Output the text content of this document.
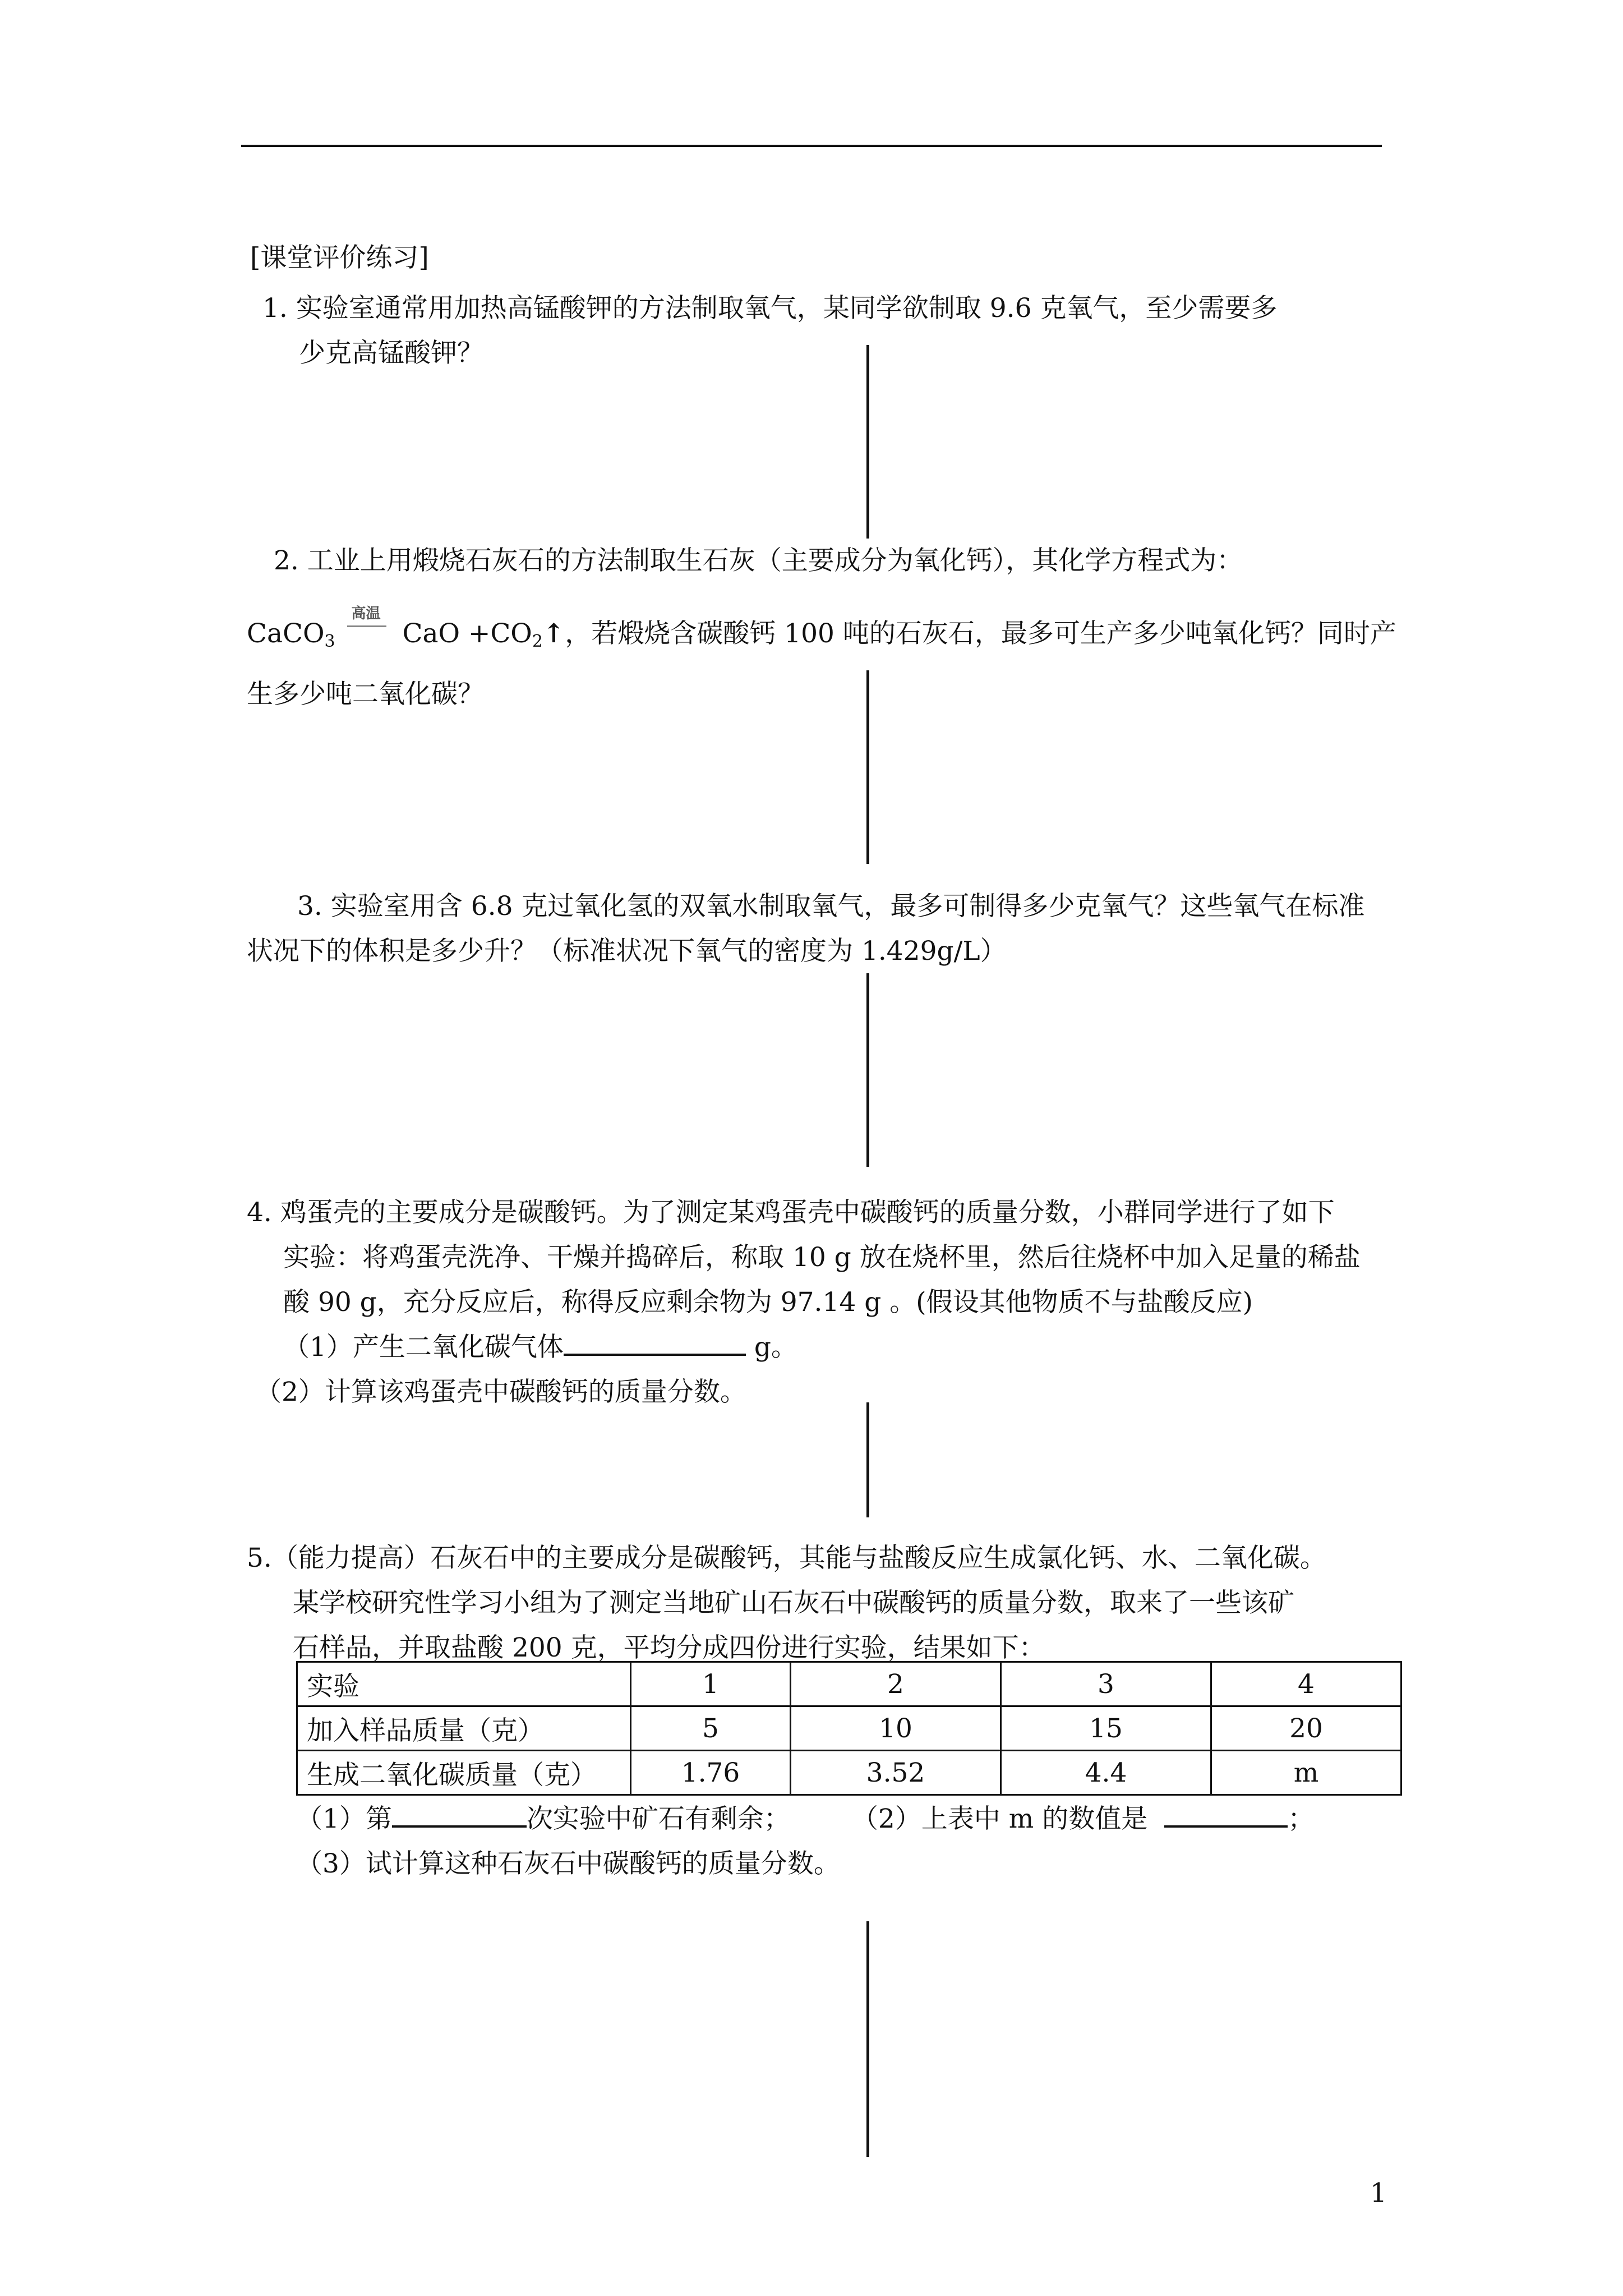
[课堂评价练习]
1. 实验室通常用加热高锰酸钾的方法制取氧气，某同学欲制取 9.6 克氧气，至少需要多
少克高锰酸钾？
2. 工业上用煅烧石灰石的方法制取生石灰（主要成分为氧化钙），其化学方程式为：
CaCO$_3$
高温
CaO $+CO_2↑$，若煅烧含碳酸钙 100 吨的石灰石，最多可生产多少吨氧化钙？同时产
生多少吨二氧化碳？
3. 实验室用含 6.8 克过氧化氢的双氧水制取氧气，最多可制得多少克氧气？这些氧气在标准
状况下的体积是多少升？（标准状况下氧气的密度为 1.429g/L）
4. 鸡蛋壳的主要成分是碳酸钙。为了测定某鸡蛋壳中碳酸钙的质量分数，小群同学进行了如下
实验：将鸡蛋壳洗净、干燥并捣碎后，称取 10 g 放在烧杯里，然后往烧杯中加入足量的稀盐
酸 90 g，充分反应后，称得反应剩余物为 97.14 g 。(假设其他物质不与盐酸反应)
（1）产生二氧化碳气体	g。
（2）计算该鸡蛋壳中碳酸钙的质量分数。
5.（能力提高）石灰石中的主要成分是碳酸钙，其能与盐酸反应生成氯化钙、水、二氧化碳。
某学校研究性学习小组为了测定当地矿山石灰石中碳酸钙的质量分数，取来了一些该矿
石样品，并取盐酸 200 克，平均分成四份进行实验，结果如下：
实验	1	2	3	4
加入样品质量（克）	5	10	15	20
生成二氧化碳质量（克）	1.76	3.52	4.4	m
（1）第	次实验中矿石有剩余； （2）上表中 m 的数值是	；
（3）试计算这种石灰石中碳酸钙的质量分数。
1
